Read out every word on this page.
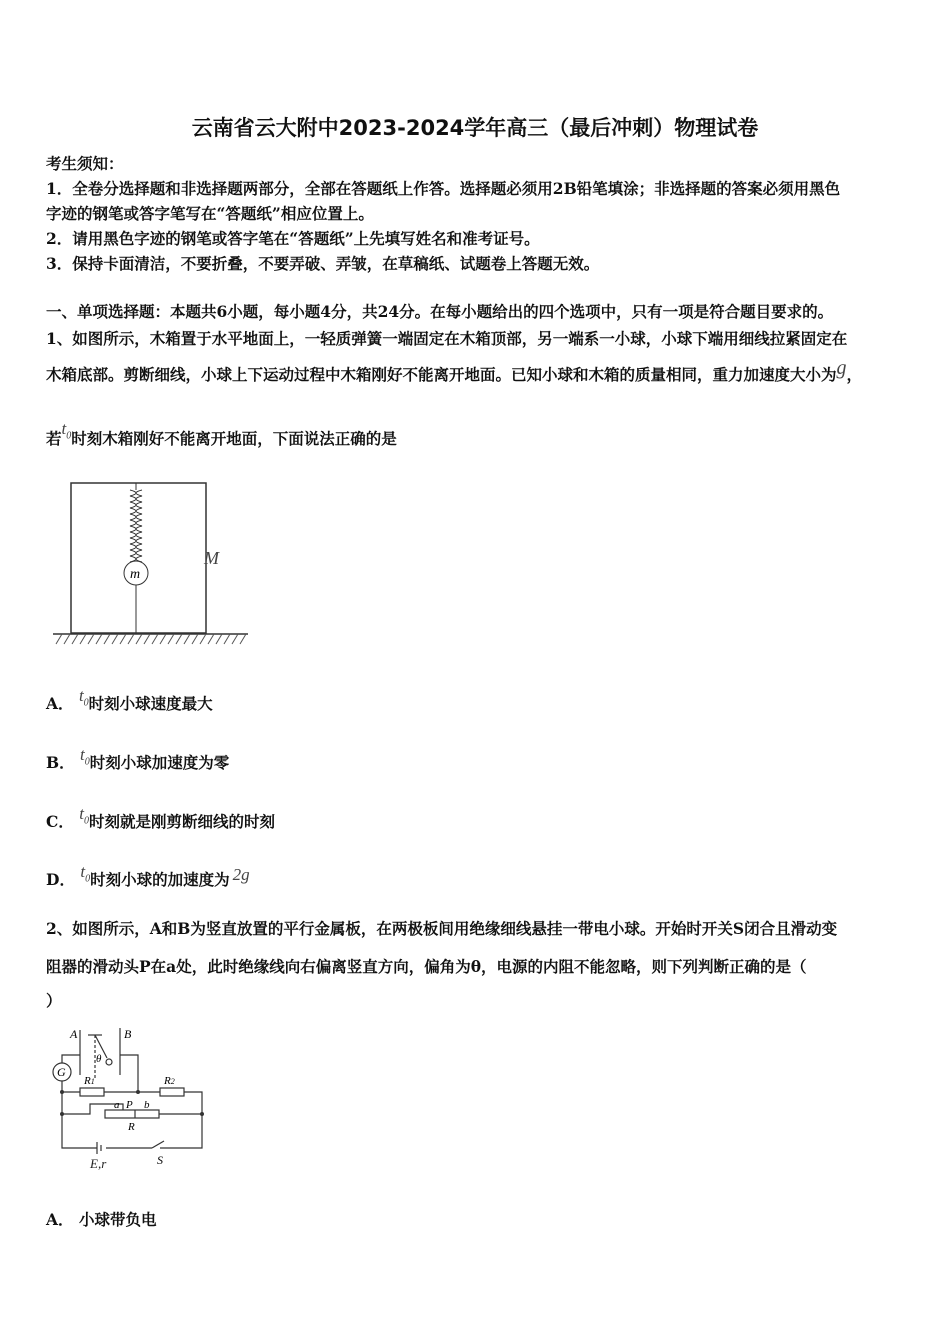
云南省云大附中2023-2024学年高三（最后冲刺）物理试卷
考生须知：
1．全卷分选择题和非选择题两部分，全部在答题纸上作答。选择题必须用2B铅笔填涂；非选择题的答案必须用黑色
字迹的钢笔或答字笔写在“答题纸”相应位置上。
2．请用黑色字迹的钢笔或答字笔在“答题纸”上先填写姓名和准考证号。
3．保持卡面清洁，不要折叠，不要弄破、弄皱，在草稿纸、试题卷上答题无效。
一、单项选择题：本题共6小题，每小题4分，共24分。在每小题给出的四个选项中，只有一项是符合题目要求的。
1、如图所示，木箱置于水平地面上，一轻质弹簧一端固定在木箱顶部，另一端系一小球，小球下端用细线拉紧固定在
木箱底部。剪断细线，小球上下运动过程中木箱刚好不能离开地面。已知小球和木箱的质量相同，重力加速度大小为g，
若$t_0$时刻木箱刚好不能离开地面，下面说法正确的是
m
M
A． $t_0$时刻小球速度最大
B． $t_0$时刻小球加速度为零
C． $t_0$时刻就是刚剪断细线的时刻
D． $t_0$时刻小球的加速度为 2g
2、如图所示，A和B为竖直放置的平行金属板，在两极板间用绝缘细线悬挂一带电小球。开始时开关S闭合且滑动变
阻器的滑动头P在a处，此时绝缘线向右偏离竖直方向，偏角为θ，电源的内阻不能忽略，则下列判断正确的是（
）
A	B
θ
G
R1	R2
a P b
R
E,r	S
A． 小球带负电
